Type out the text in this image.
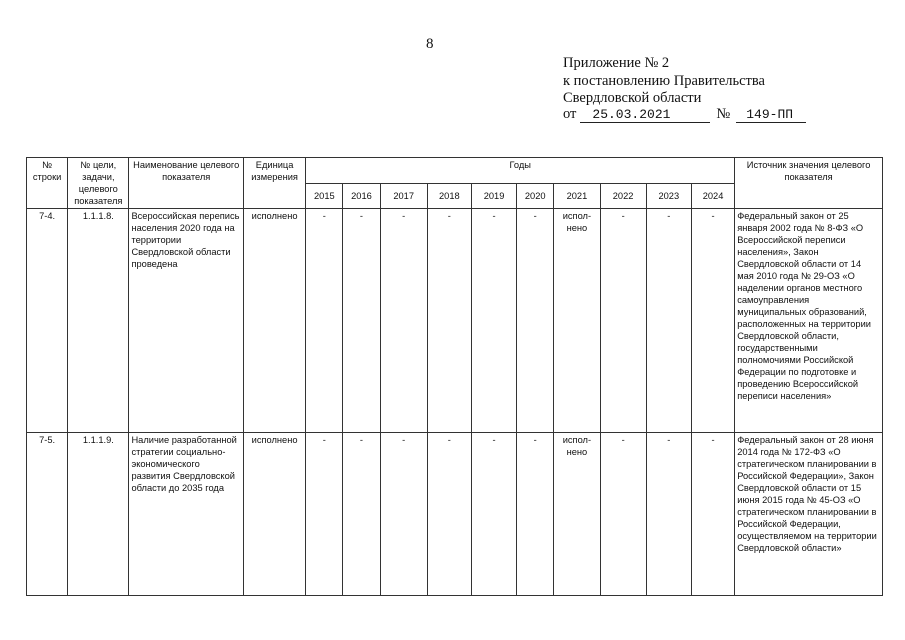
8
Приложение № 2
к постановлению Правительства
Свердловской области
от 25.03.2021	№ 149-ПП
№ строки	№ цели, задачи, целевого показателя	Наименование целевого показателя	Единица измерения	Годы										Источник значения целевого показателя
				2015	2016	2017	2018	2019	2020	2021	2022	2023	2024	
7-4.	1.1.1.8.	Всероссийская перепись населения 2020 года на территории Свердловской области проведена	исполнено	-	-	-	-	-	-	испол-нено	-	-	-	Федеральный закон от 25 января 2002 года № 8-ФЗ «О Всероссийской переписи населения», Закон Свердловской области от 14 мая 2010 года № 29-ОЗ «О наделении органов местного самоуправления муниципальных образований, расположенных на территории Свердловской области, государственными полномочиями Российской Федерации по подготовке и проведению Всероссийской переписи населения»
7-5.	1.1.1.9.	Наличие разработанной стратегии социально-экономического развития Свердловской области до 2035 года	исполнено	-	-	-	-	-	-	испол-нено	-	-	-	Федеральный закон от 28 июня 2014 года № 172-ФЗ «О стратегическом планировании в Российской Федерации», Закон Свердловской области от 15 июня 2015 года № 45-ОЗ «О стратегическом планировании в Российской Федерации, осуществляемом на территории Свердловской области»
